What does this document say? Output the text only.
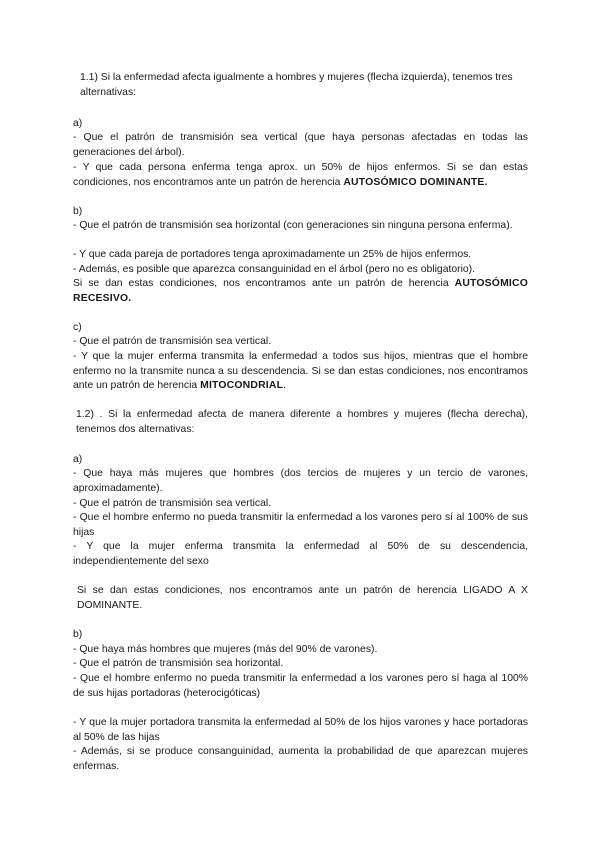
1.1) Si la enfermedad afecta igualmente a hombres y mujeres (flecha izquierda), tenemos tres alternativas:

a)

- Que el patrón de transmisión sea vertical (que haya personas afectadas en todas las generaciones del árbol).

- Y que cada persona enferma tenga aprox. un 50% de hijos enfermos. Si se dan estas condiciones, nos encontramos ante un patrón de herencia AUTOSÓMICO DOMINANTE.

b)

- Que el patrón de transmisión sea horizontal (con generaciones sin ninguna persona enferma).

- Y que cada pareja de portadores tenga aproximadamente un 25% de hijos enfermos.

- Además, es posible que aparezca consanguinidad en el árbol (pero no es obligatorio).

Si se dan estas condiciones, nos encontramos ante un patrón de herencia AUTOSÓMICO RECESIVO.

c)

- Que el patrón de transmisión sea vertical.

- Y que la mujer enferma transmita la enfermedad a todos sus hijos, mientras que el hombre enfermo no la transmite nunca a su descendencia. Si se dan estas condiciones, nos encontramos ante un patrón de herencia MITOCONDRIAL.

1.2) . Si la enfermedad afecta de manera diferente a hombres y mujeres (flecha derecha), tenemos dos alternativas:

a)

- Que haya más mujeres que hombres (dos tercios de mujeres y un tercio de varones, aproximadamente).

- Que el patrón de transmisión sea vertical.

- Que el hombre enfermo no pueda transmitir la enfermedad a los varones pero sí al 100% de sus hijas

- Y que la mujer enferma transmita la enfermedad al 50% de su descendencia, independientemente del sexo

Si se dan estas condiciones, nos encontramos ante un patrón de herencia LIGADO A X DOMINANTE.

b)

- Que haya más hombres que mujeres (más del 90% de varones).

- Que el patrón de transmisión sea horizontal.

- Que el hombre enfermo no pueda transmitir la enfermedad a los varones pero sí haga al 100% de sus hijas portadoras (heterocigóticas)

- Y que la mujer portadora transmita la enfermedad al 50% de los hijos varones y hace portadoras al 50% de las hijas

- Además, si se produce consanguinidad, aumenta la probabilidad de que aparezcan mujeres enfermas.
